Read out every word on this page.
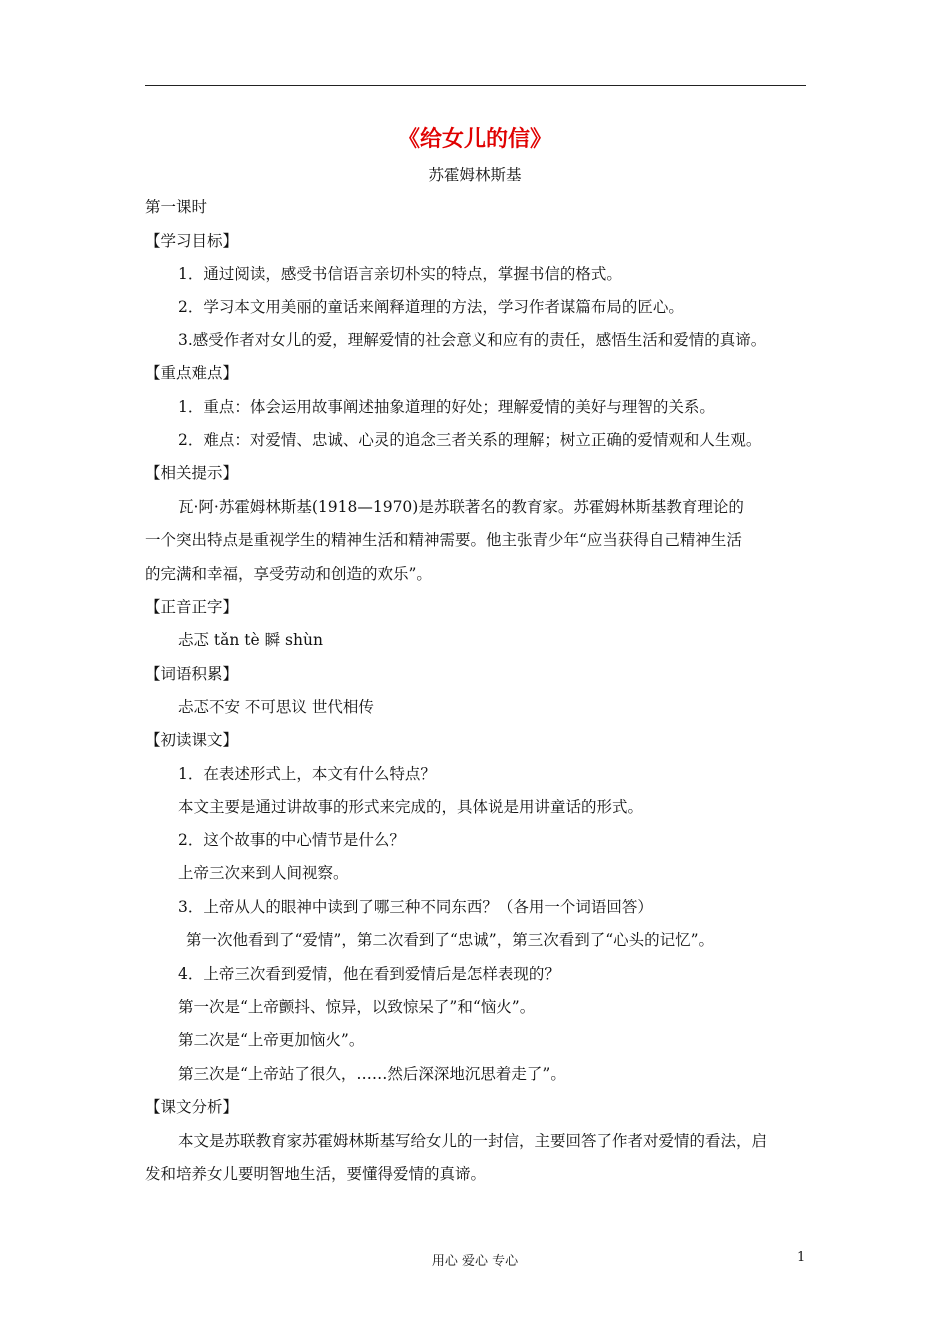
《给女儿的信》
苏霍姆林斯基
第一课时
【学习目标】
1．通过阅读，感受书信语言亲切朴实的特点，掌握书信的格式。
2．学习本文用美丽的童话来阐释道理的方法，学习作者谋篇布局的匠心。
3.感受作者对女儿的爱，理解爱情的社会意义和应有的责任，感悟生活和爱情的真谛。
【重点难点】
1．重点：体会运用故事阐述抽象道理的好处；理解爱情的美好与理智的关系。
2．难点：对爱情、忠诚、心灵的追念三者关系的理解；树立正确的爱情观和人生观。
【相关提示】
瓦·阿·苏霍姆林斯基(1918—1970)是苏联著名的教育家。苏霍姆林斯基教育理论的
一个突出特点是重视学生的精神生活和精神需要。他主张青少年“应当获得自己精神生活
的完满和幸福，享受劳动和创造的欢乐”。
【正音正字】
忐忑 tǎn tè 瞬 shùn
【词语积累】
忐忑不安 不可思议 世代相传
【初读课文】
1．在表述形式上，本文有什么特点？
本文主要是通过讲故事的形式来完成的，具体说是用讲童话的形式。
2．这个故事的中心情节是什么？
上帝三次来到人间视察。
3．上帝从人的眼神中读到了哪三种不同东西？（各用一个词语回答）
第一次他看到了“爱情”，第二次看到了“忠诚”，第三次看到了“心头的记忆”。
4．上帝三次看到爱情，他在看到爱情后是怎样表现的？
第一次是“上帝颤抖、惊异，以致惊呆了”和“恼火”。
第二次是“上帝更加恼火”。
第三次是“上帝站了很久，……然后深深地沉思着走了”。
【课文分析】
本文是苏联教育家苏霍姆林斯基写给女儿的一封信，主要回答了作者对爱情的看法，启
发和培养女儿要明智地生活，要懂得爱情的真谛。
用心 爱心 专心	1
